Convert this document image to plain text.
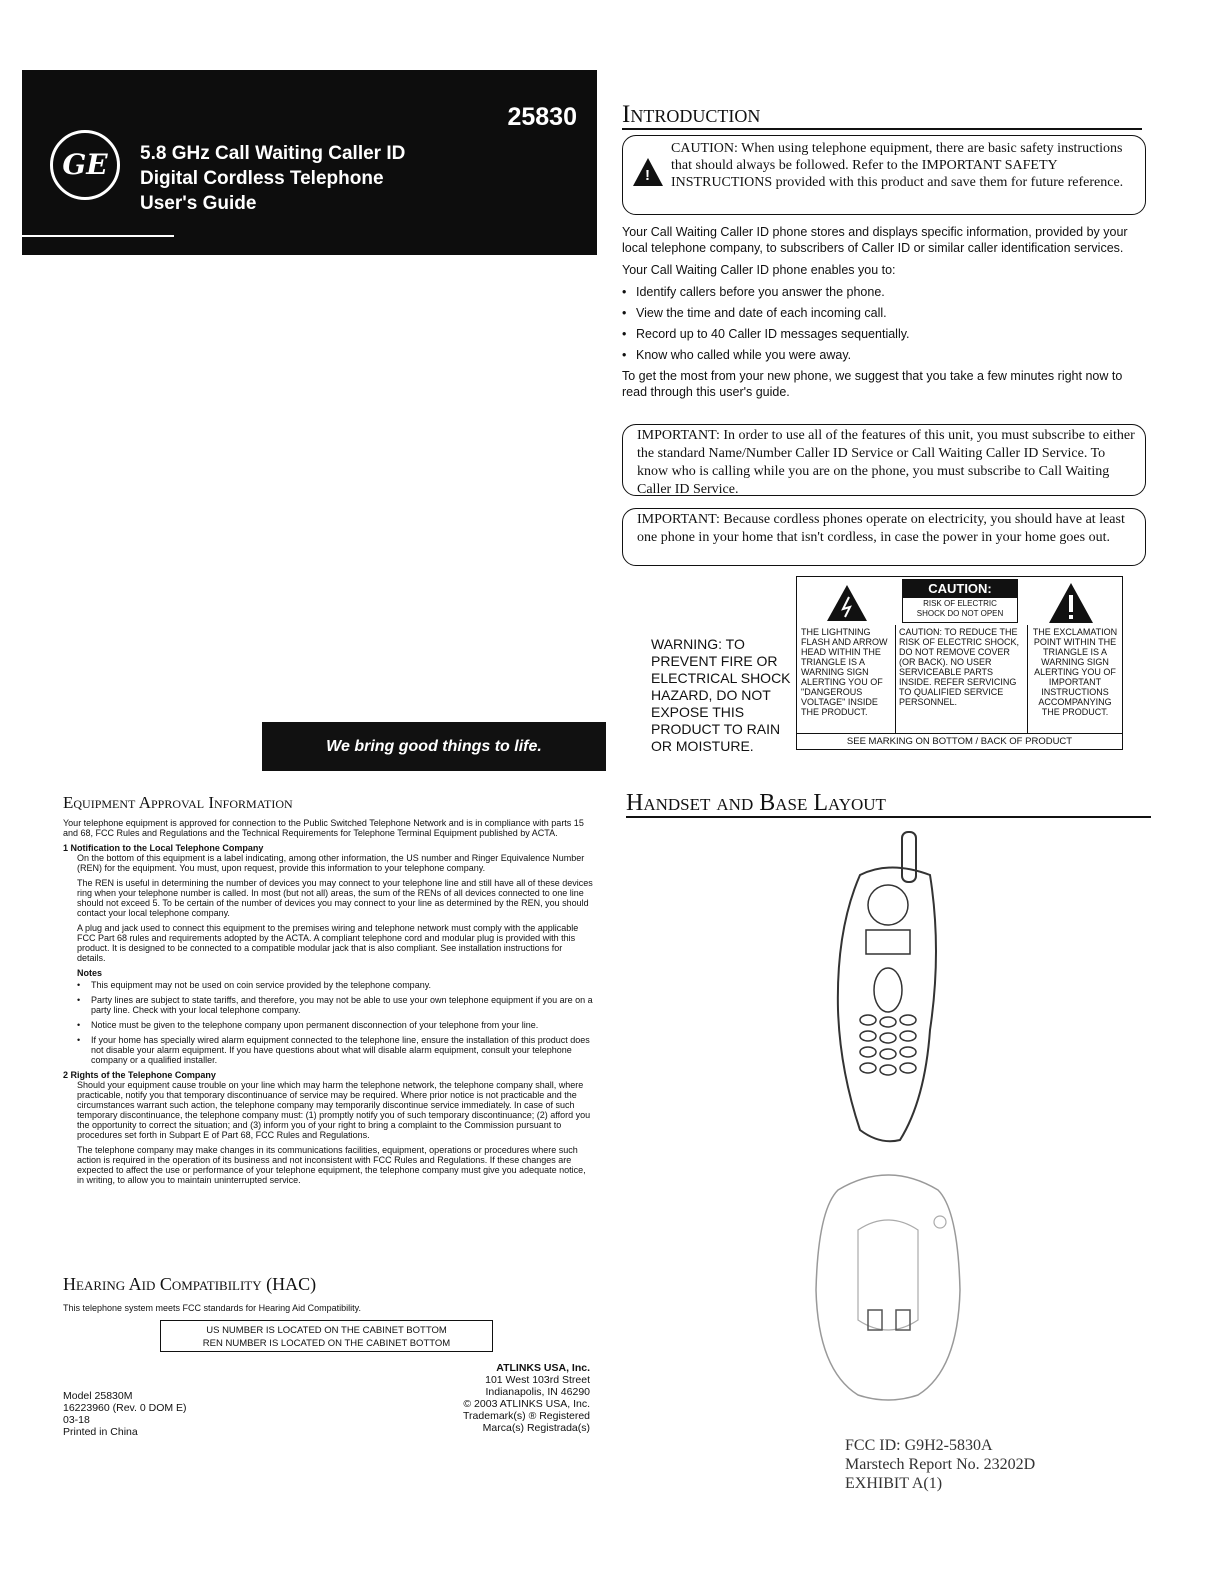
25830
GE	5.8 GHz Call Waiting Caller ID
Digital Cordless Telephone
User's Guide
We bring good things to life.
Equipment Approval Information

Your telephone equipment is approved for connection to the Public Switched Telephone Network and is in compliance with parts 15 and 68, FCC Rules and Regulations and the Technical Requirements for Telephone Terminal Equipment published by ACTA.

1 Notification to the Local Telephone Company

On the bottom of this equipment is a label indicating, among other information, the US number and Ringer Equivalence Number (REN) for the equipment. You must, upon request, provide this information to your telephone company.

The REN is useful in determining the number of devices you may connect to your telephone line and still have all of these devices ring when your telephone number is called. In most (but not all) areas, the sum of the RENs of all devices connected to one line should not exceed 5. To be certain of the number of devices you may connect to your line as determined by the REN, you should contact your local telephone company.

A plug and jack used to connect this equipment to the premises wiring and telephone network must comply with the applicable FCC Part 68 rules and requirements adopted by the ACTA. A compliant telephone cord and modular plug is provided with this product. It is designed to be connected to a compatible modular jack that is also compliant. See installation instructions for details.

Notes
• This equipment may not be used on coin service provided by the telephone company.
• Party lines are subject to state tariffs, and therefore, you may not be able to use your own telephone equipment if you are on a party line. Check with your local telephone company.
• Notice must be given to the telephone company upon permanent disconnection of your telephone from your line.
• If your home has specially wired alarm equipment connected to the telephone line, ensure the installation of this product does not disable your alarm equipment. If you have questions about what will disable alarm equipment, consult your telephone company or a qualified installer.
2 Rights of the Telephone Company

Should your equipment cause trouble on your line which may harm the telephone network, the telephone company shall, where practicable, notify you that temporary discontinuance of service may be required. Where prior notice is not practicable and the circumstances warrant such action, the telephone company may temporarily discontinue service immediately. In case of such temporary discontinuance, the telephone company must: (1) promptly notify you of such temporary discontinuance; (2) afford you the opportunity to correct the situation; and (3) inform you of your right to bring a complaint to the Commission pursuant to procedures set forth in Subpart E of Part 68, FCC Rules and Regulations.

The telephone company may make changes in its communications facilities, equipment, operations or procedures where such action is required in the operation of its business and not inconsistent with FCC Rules and Regulations. If these changes are expected to affect the use or performance of your telephone equipment, the telephone company must give you adequate notice, in writing, to allow you to maintain uninterrupted service.

Hearing Aid Compatibility (HAC)
This telephone system meets FCC standards for Hearing Aid Compatibility.
US NUMBER IS LOCATED ON THE CABINET BOTTOM
REN NUMBER IS LOCATED ON THE CABINET BOTTOM
Model 25830M
16223960 (Rev. 0 DOM E)
03-18
Printed in China
ATLINKS USA, Inc.
101 West 103rd Street
Indianapolis, IN 46290
© 2003 ATLINKS USA, Inc.
Trademark(s) ® Registered
Marca(s) Registrada(s)
Introduction
!
CAUTION: When using telephone equipment, there are basic safety instructions that should always be followed. Refer to the IMPORTANT SAFETY INSTRUCTIONS provided with this product and save them for future reference.
Your Call Waiting Caller ID phone stores and displays specific information, provided by your local telephone company, to subscribers of Caller ID or similar caller identification services.
Your Call Waiting Caller ID phone enables you to:
• Identify callers before you answer the phone.
• View the time and date of each incoming call.
• Record up to 40 Caller ID messages sequentially.
• Know who called while you were away.
To get the most from your new phone, we suggest that you take a few minutes right now to read through this user's guide.
IMPORTANT: In order to use all of the features of this unit, you must subscribe to either the standard Name/Number Caller ID Service or Call Waiting Caller ID Service. To know who is calling while you are on the phone, you must subscribe to Call Waiting Caller ID Service.
IMPORTANT: Because cordless phones operate on electricity, you should have at least one phone in your home that isn't cordless, in case the power in your home goes out.
WARNING: TO PREVENT FIRE OR ELECTRICAL SHOCK HAZARD, DO NOT EXPOSE THIS PRODUCT TO RAIN OR MOISTURE.
CAUTION:
RISK OF ELECTRIC SHOCK DO NOT OPEN
THE LIGHTNING FLASH AND ARROW HEAD WITHIN THE TRIANGLE IS A WARNING SIGN ALERTING YOU OF "DANGEROUS VOLTAGE" INSIDE THE PRODUCT.
CAUTION: TO REDUCE THE RISK OF ELECTRIC SHOCK, DO NOT REMOVE COVER (OR BACK). NO USER SERVICEABLE PARTS INSIDE. REFER SERVICING TO QUALIFIED SERVICE PERSONNEL.
THE EXCLAMATION POINT WITHIN THE TRIANGLE IS A WARNING SIGN ALERTING YOU OF IMPORTANT INSTRUCTIONS ACCOMPANYING THE PRODUCT.
SEE MARKING ON BOTTOM / BACK OF PRODUCT
Handset and Base Layout
FCC ID: G9H2-5830A
Marstech Report No. 23202D
EXHIBIT A(1)
